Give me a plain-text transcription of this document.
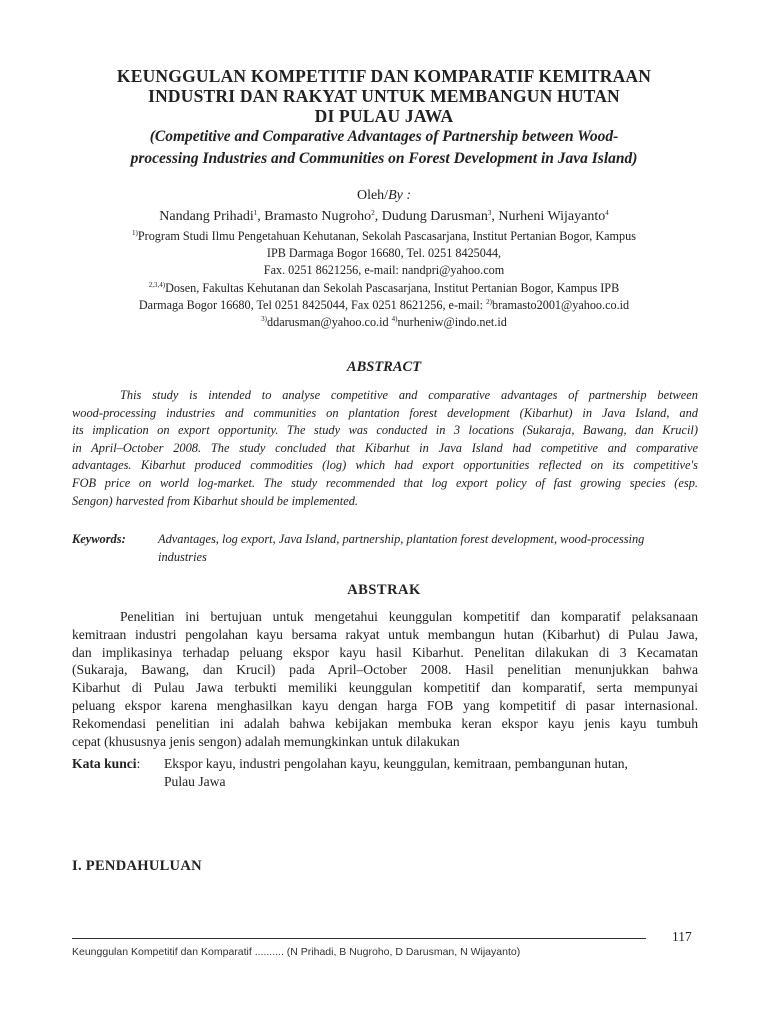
KEUNGGULAN KOMPETITIF DAN KOMPARATIF KEMITRAAN
INDUSTRI DAN RAKYAT UNTUK MEMBANGUN HUTAN
DI PULAU JAWA
(Competitive and Comparative Advantages of Partnership between Wood-
processing Industries and Communities on Forest Development in Java Island)
Oleh/By :
Nandang Prihadi$^1$, Bramasto Nugroho$^2$, Dudung Darusman$^3$, Nurheni Wijayanto$^4$
$^{1)}$Program Studi Ilmu Pengetahuan Kehutanan, Sekolah Pascasarjana, Institut Pertanian Bogor, Kampus
IPB Darmaga Bogor 16680, Tel. 0251 8425044,
Fax. 0251 8621256, e-mail: nandpri@yahoo.com
$^{2,3,4)}$Dosen, Fakultas Kehutanan dan Sekolah Pascasarjana, Institut Pertanian Bogor, Kampus IPB
Darmaga Bogor 16680, Tel 0251 8425044, Fax 0251 8621256, e-mail: $^{2)}$bramasto2001@yahoo.co.id
$^{3)}$ddarusman@yahoo.co.id $^{4)}$nurheniw@indo.net.id
ABSTRACT
This study is intended to analyse competitive and comparative advantages of partnership between
wood-processing industries and communities on plantation forest development (Kibarhut) in Java Island, and
its implication on export opportunity. The study was conducted in 3 locations (Sukaraja, Bawang, dan Krucil)
in April–October 2008. The study concluded that Kibarhut in Java Island had competitive and comparative
advantages. Kibarhut produced commodities (log) which had export opportunities reflected on its competitive's
FOB price on world log-market. The study recommended that log export policy of fast growing species (esp.
Sengon) harvested from Kibarhut should be implemented.
Keywords:	Advantages, log export, Java Island, partnership, plantation forest development, wood-processing
industries
ABSTRAK
Penelitian ini bertujuan untuk mengetahui keunggulan kompetitif dan komparatif pelaksanaan
kemitraan industri pengolahan kayu bersama rakyat untuk membangun hutan (Kibarhut) di Pulau Jawa,
dan implikasinya terhadap peluang ekspor kayu hasil Kibarhut. Penelitan dilakukan di 3 Kecamatan
(Sukaraja, Bawang, dan Krucil) pada April–October 2008. Hasil penelitian menunjukkan bahwa
Kibarhut di Pulau Jawa terbukti memiliki keunggulan kompetitif dan komparatif, serta mempunyai
peluang ekspor karena menghasilkan kayu dengan harga FOB yang kompetitif di pasar internasional.
Rekomendasi penelitian ini adalah bahwa kebijakan membuka keran ekspor kayu jenis kayu tumbuh
cepat (khususnya jenis sengon) adalah memungkinkan untuk dilakukan
Kata kunci: Ekspor kayu, industri pengolahan kayu, keunggulan, kemitraan, pembangunan hutan,
Pulau Jawa
I. PENDAHULUAN
117
Keunggulan Kompetitif dan Komparatif .......... (N Prihadi, B Nugroho, D Darusman, N Wijayanto)
